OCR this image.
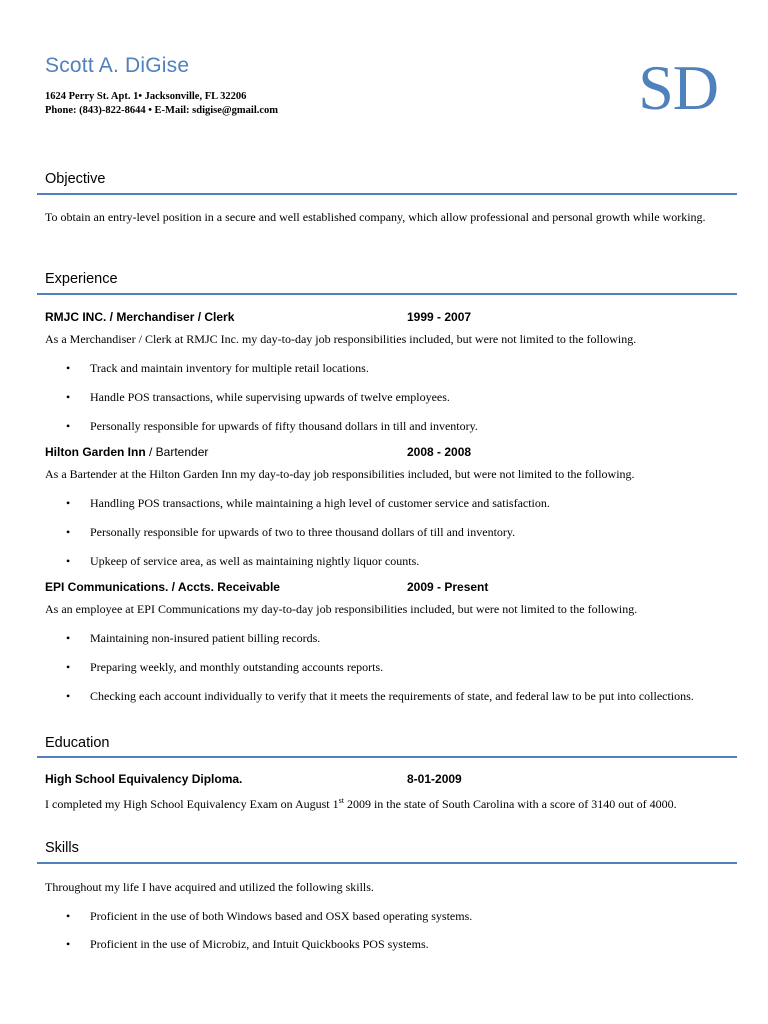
Scott A. DiGise
1624 Perry St. Apt. 1• Jacksonville, FL 32206
Phone: (843)-822-8644 • E-Mail: sdigise@gmail.com	SD
Objective
To obtain an entry-level position in a secure and well established company, which allow professional and personal growth while working.
Experience
RMJC INC. / Merchandiser / Clerk	1999 - 2007
As a Merchandiser / Clerk at RMJC Inc. my day-to-day job responsibilities included, but were not limited to the following.
• Track and maintain inventory for multiple retail locations.
• Handle POS transactions, while supervising upwards of twelve employees.
• Personally responsible for upwards of fifty thousand dollars in till and inventory.
Hilton Garden Inn / Bartender	2008 - 2008
As a Bartender at the Hilton Garden Inn my day-to-day job responsibilities included, but were not limited to the following.
• Handling POS transactions, while maintaining a high level of customer service and satisfaction.
• Personally responsible for upwards of two to three thousand dollars of till and inventory.
• Upkeep of service area, as well as maintaining nightly liquor counts.
EPI Communications. / Accts. Receivable	2009 - Present
As an employee at EPI Communications my day-to-day job responsibilities included, but were not limited to the following.
• Maintaining non-insured patient billing records.
• Preparing weekly, and monthly outstanding accounts reports.
• Checking each account individually to verify that it meets the requirements of state, and federal law to be put into collections.
Education
High School Equivalency Diploma.	8-01-2009
I completed my High School Equivalency Exam on August 1st 2009 in the state of South Carolina with a score of 3140 out of 4000.
Skills
Throughout my life I have acquired and utilized the following skills.
• Proficient in the use of both Windows based and OSX based operating systems.
• Proficient in the use of Microbiz, and Intuit Quickbooks POS systems.
